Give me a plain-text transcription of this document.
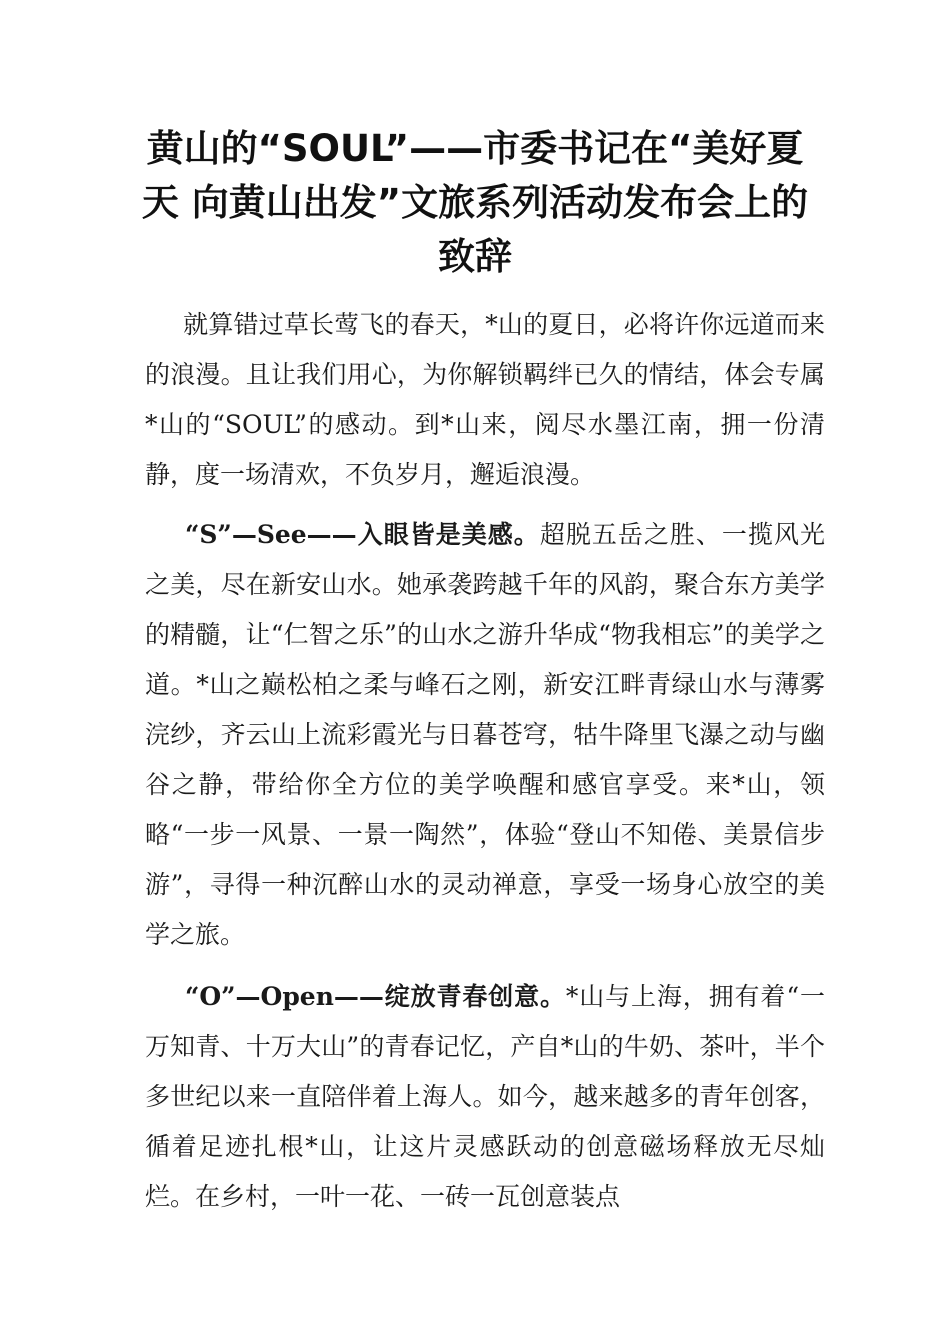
黄山的“SOUL”——市委书记在“美好夏天 向黄山出发”文旅系列活动发布会上的致辞

就算错过草长莺飞的春天，*山的夏日，必将许你远道而来的浪漫。且让我们用心，为你解锁羁绊已久的情结，体会专属*山的“SOUL”的感动。到*山来，阅尽水墨江南，拥一份清静，度一场清欢，不负岁月，邂逅浪漫。

“S”—See——入眼皆是美感。超脱五岳之胜、一揽风光之美，尽在新安山水。她承袭跨越千年的风韵，聚合东方美学的精髓，让“仁智之乐”的山水之游升华成“物我相忘”的美学之道。*山之巅松柏之柔与峰石之刚，新安江畔青绿山水与薄雾浣纱，齐云山上流彩霞光与日暮苍穹，牯牛降里飞瀑之动与幽谷之静，带给你全方位的美学唤醒和感官享受。来*山，领略“一步一风景、一景一陶然”，体验“登山不知倦、美景信步游”，寻得一种沉醉山水的灵动禅意，享受一场身心放空的美学之旅。

“O”—Open——绽放青春创意。*山与上海，拥有着“一万知青、十万大山”的青春记忆，产自*山的牛奶、茶叶，半个多世纪以来一直陪伴着上海人。如今，越来越多的青年创客，循着足迹扎根*山，让这片灵感跃动的创意磁场释放无尽灿烂。在乡村，一叶一花、一砖一瓦创意装点
